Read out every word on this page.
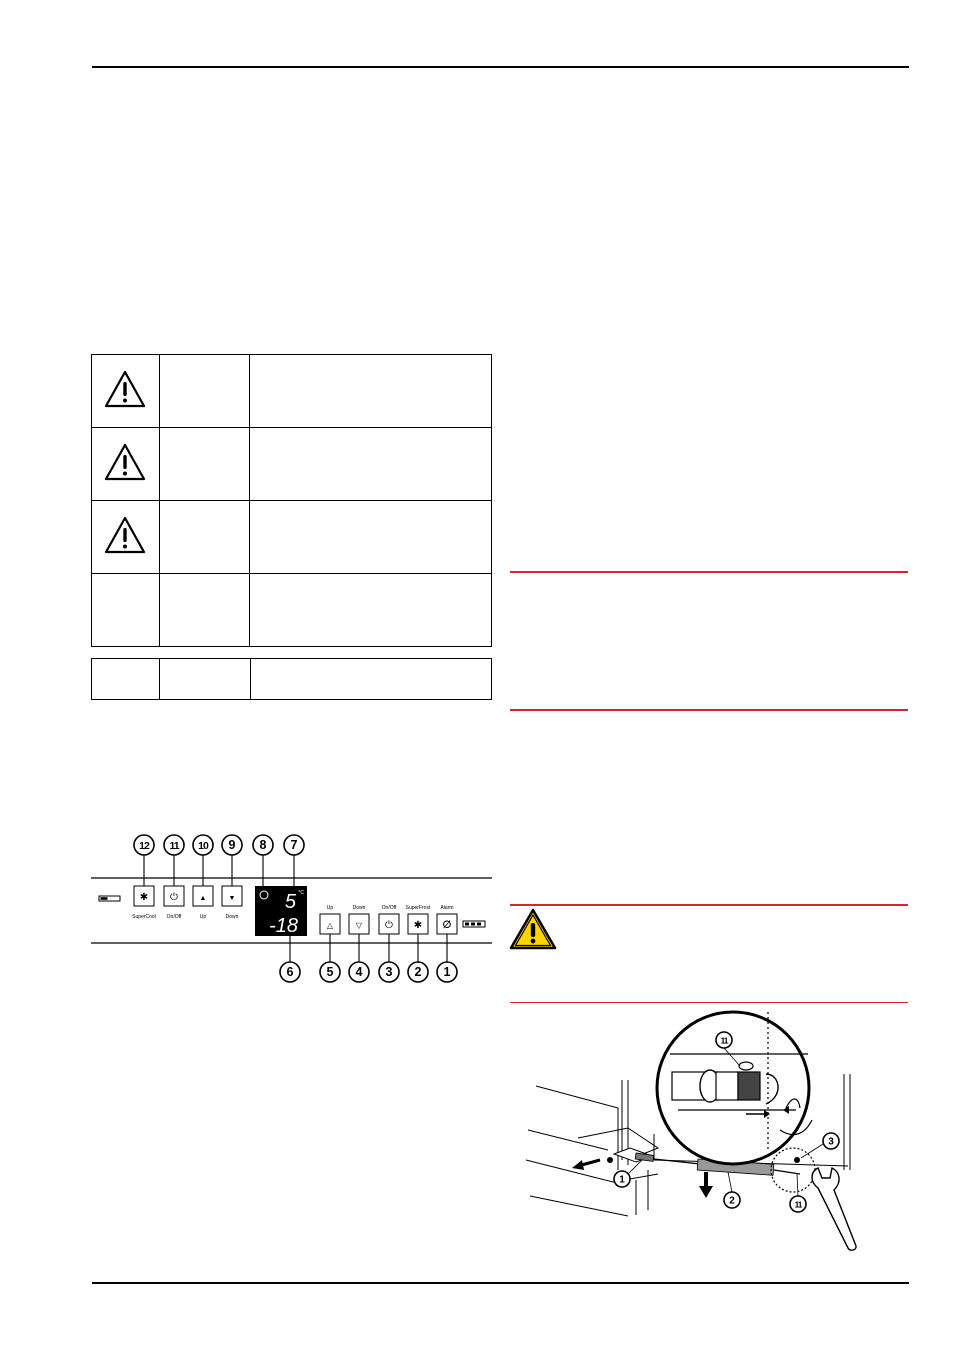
✱
SuperCool
⏻
On/Off
▲
Up
▼
Down
5 °C
-18
Up
△
Down
▽
On/Off
⏻
SuperFrost
✱
Alarm
ⵁ
12 11 10 9 8 7
6	5 4 3 2 1
11
3
1
2	11
